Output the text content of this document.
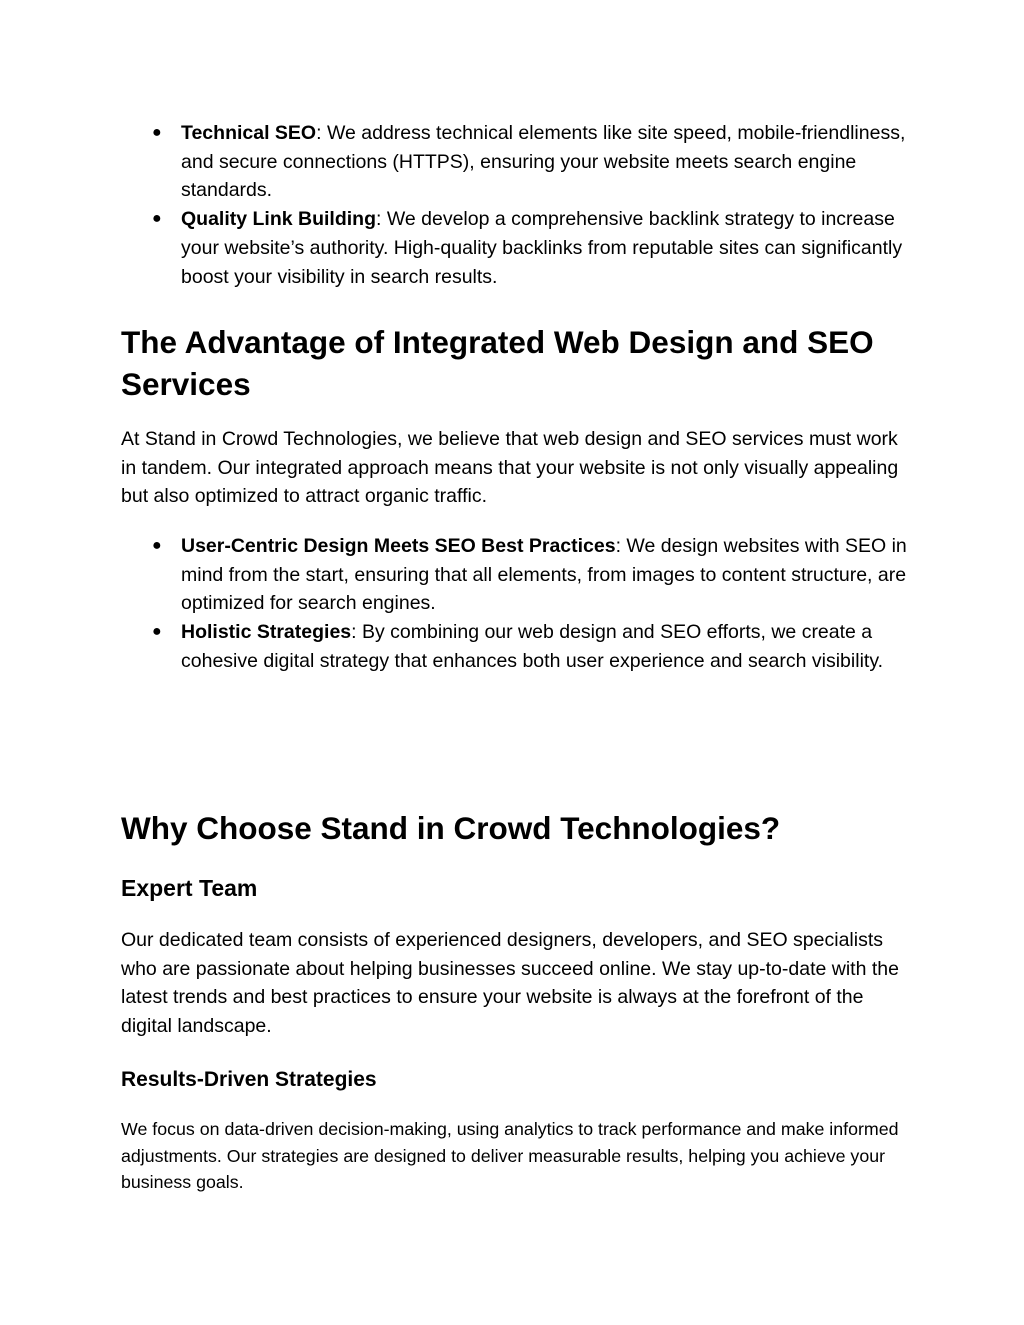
● Technical SEO: We address technical elements like site speed, mobile-friendliness, and secure connections (HTTPS), ensuring your website meets search engine standards.
● Quality Link Building: We develop a comprehensive backlink strategy to increase your website’s authority. High-quality backlinks from reputable sites can significantly boost your visibility in search results.
The Advantage of Integrated Web Design and SEO Services

At Stand in Crowd Technologies, we believe that web design and SEO services must work in tandem. Our integrated approach means that your website is not only visually appealing but also optimized to attract organic traffic.

● User-Centric Design Meets SEO Best Practices: We design websites with SEO in mind from the start, ensuring that all elements, from images to content structure, are optimized for search engines.
● Holistic Strategies: By combining our web design and SEO efforts, we create a cohesive digital strategy that enhances both user experience and search visibility.
Why Choose Stand in Crowd Technologies?
Expert Team

Our dedicated team consists of experienced designers, developers, and SEO specialists who are passionate about helping businesses succeed online. We stay up-to-date with the latest trends and best practices to ensure your website is always at the forefront of the digital landscape.

Results-Driven Strategies

We focus on data-driven decision-making, using analytics to track performance and make informed adjustments. Our strategies are designed to deliver measurable results, helping you achieve your business goals.
